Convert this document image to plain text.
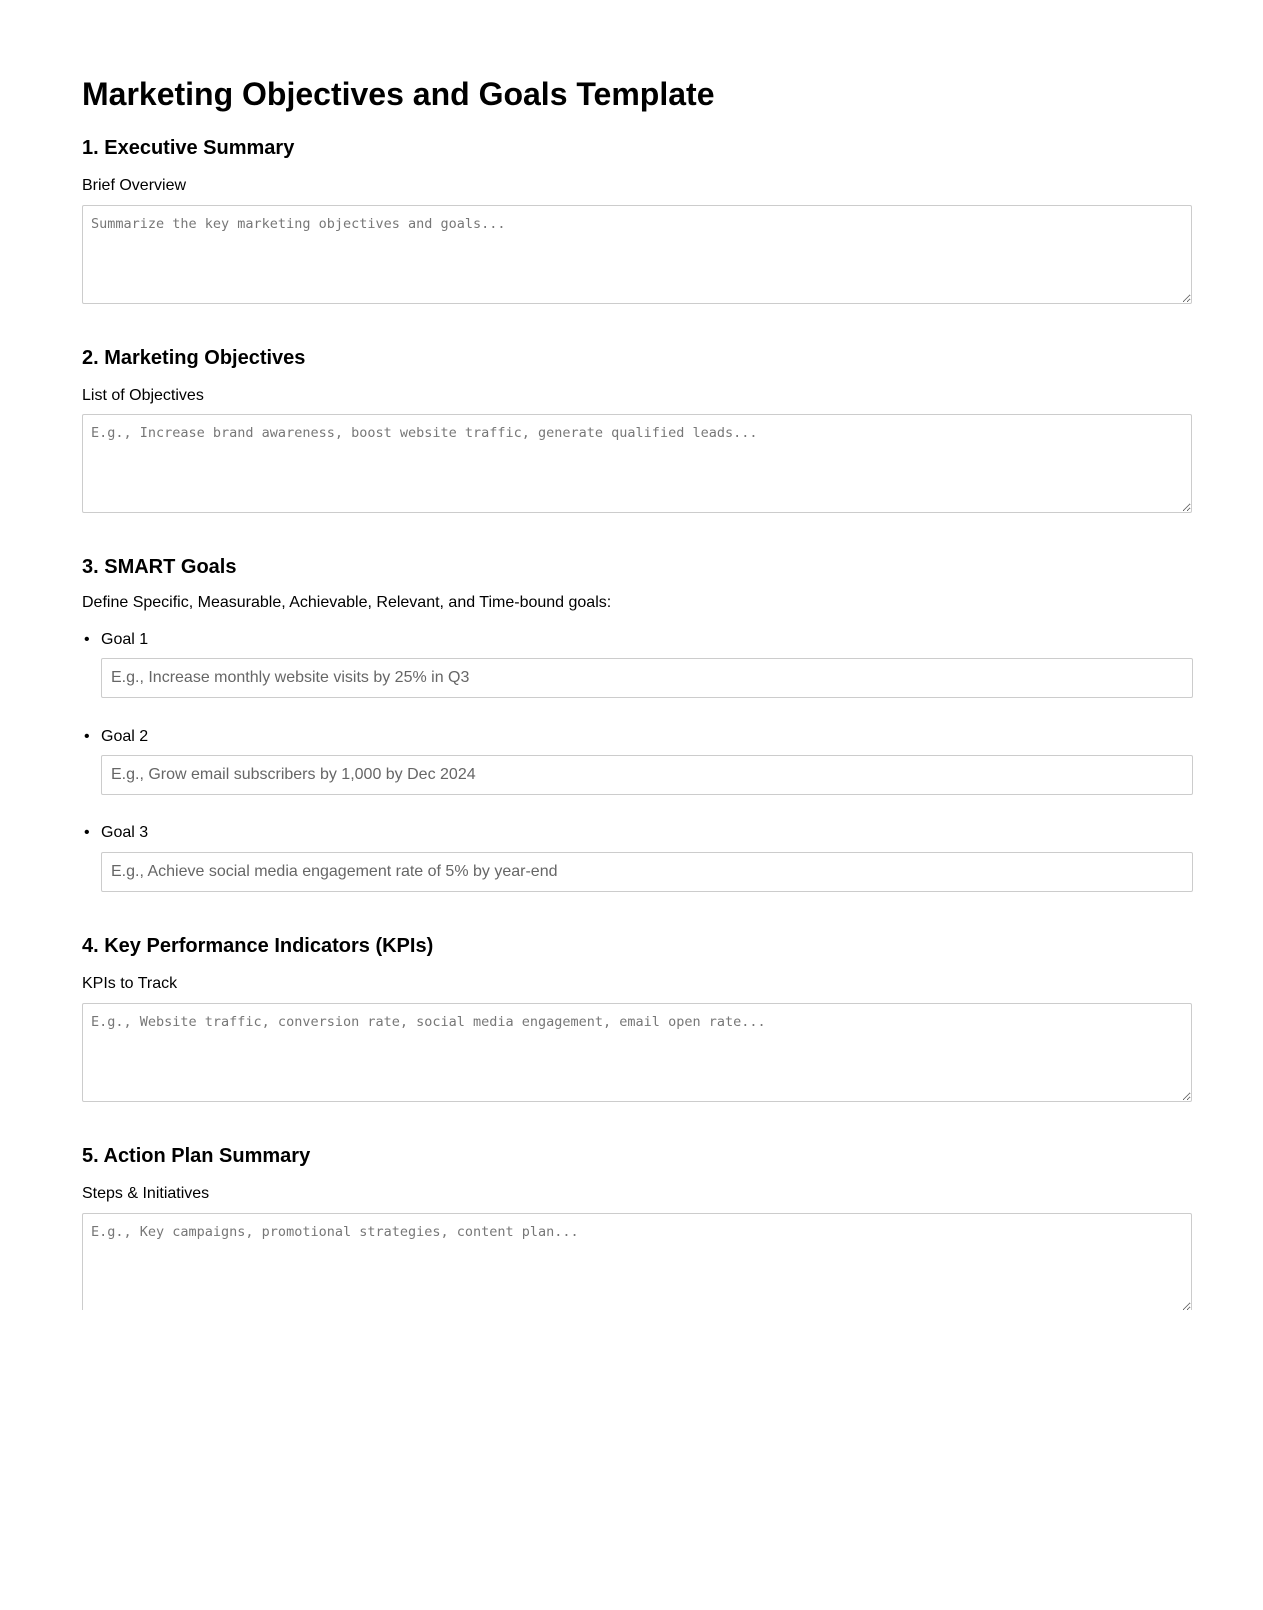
Marketing Objectives and Goals Template
1. Executive Summary
Brief Overview
Summarize the key marketing objectives and goals...
2. Marketing Objectives
List of Objectives
E.g., Increase brand awareness, boost website traffic, generate qualified leads...
3. SMART Goals
Define Specific, Measurable, Achievable, Relevant, and Time-bound goals:
• Goal 1
E.g., Increase monthly website visits by 25% in Q3
• Goal 2
E.g., Grow email subscribers by 1,000 by Dec 2024
• Goal 3
E.g., Achieve social media engagement rate of 5% by year-end
4. Key Performance Indicators (KPIs)
KPIs to Track
E.g., Website traffic, conversion rate, social media engagement, email open rate...
5. Action Plan Summary
Steps & Initiatives
E.g., Key campaigns, promotional strategies, content plan...
